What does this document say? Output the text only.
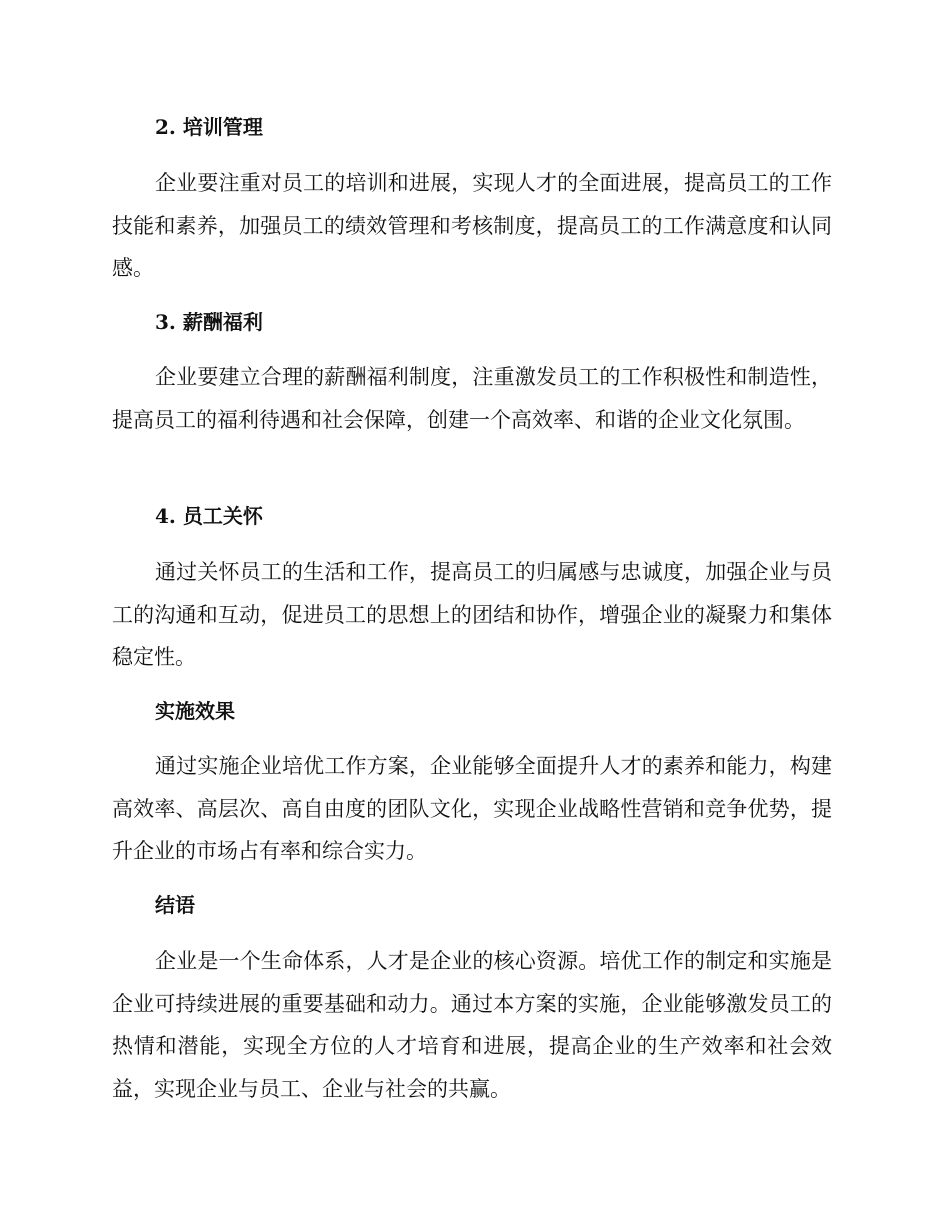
2. 培训管理

企业要注重对员工的培训和进展，实现人才的全面进展，提高员工的工作技能和素养，加强员工的绩效管理和考核制度，提高员工的工作满意度和认同感。

3. 薪酬福利

企业要建立合理的薪酬福利制度，注重激发员工的工作积极性和制造性，提高员工的福利待遇和社会保障，创建一个高效率、和谐的企业文化氛围。

4. 员工关怀

通过关怀员工的生活和工作，提高员工的归属感与忠诚度，加强企业与员工的沟通和互动，促进员工的思想上的团结和协作，增强企业的凝聚力和集体稳定性。

实施效果

通过实施企业培优工作方案，企业能够全面提升人才的素养和能力，构建高效率、高层次、高自由度的团队文化，实现企业战略性营销和竞争优势，提升企业的市场占有率和综合实力。

结语

企业是一个生命体系，人才是企业的核心资源。培优工作的制定和实施是企业可持续进展的重要基础和动力。通过本方案的实施，企业能够激发员工的热情和潜能，实现全方位的人才培育和进展，提高企业的生产效率和社会效益，实现企业与员工、企业与社会的共赢。
